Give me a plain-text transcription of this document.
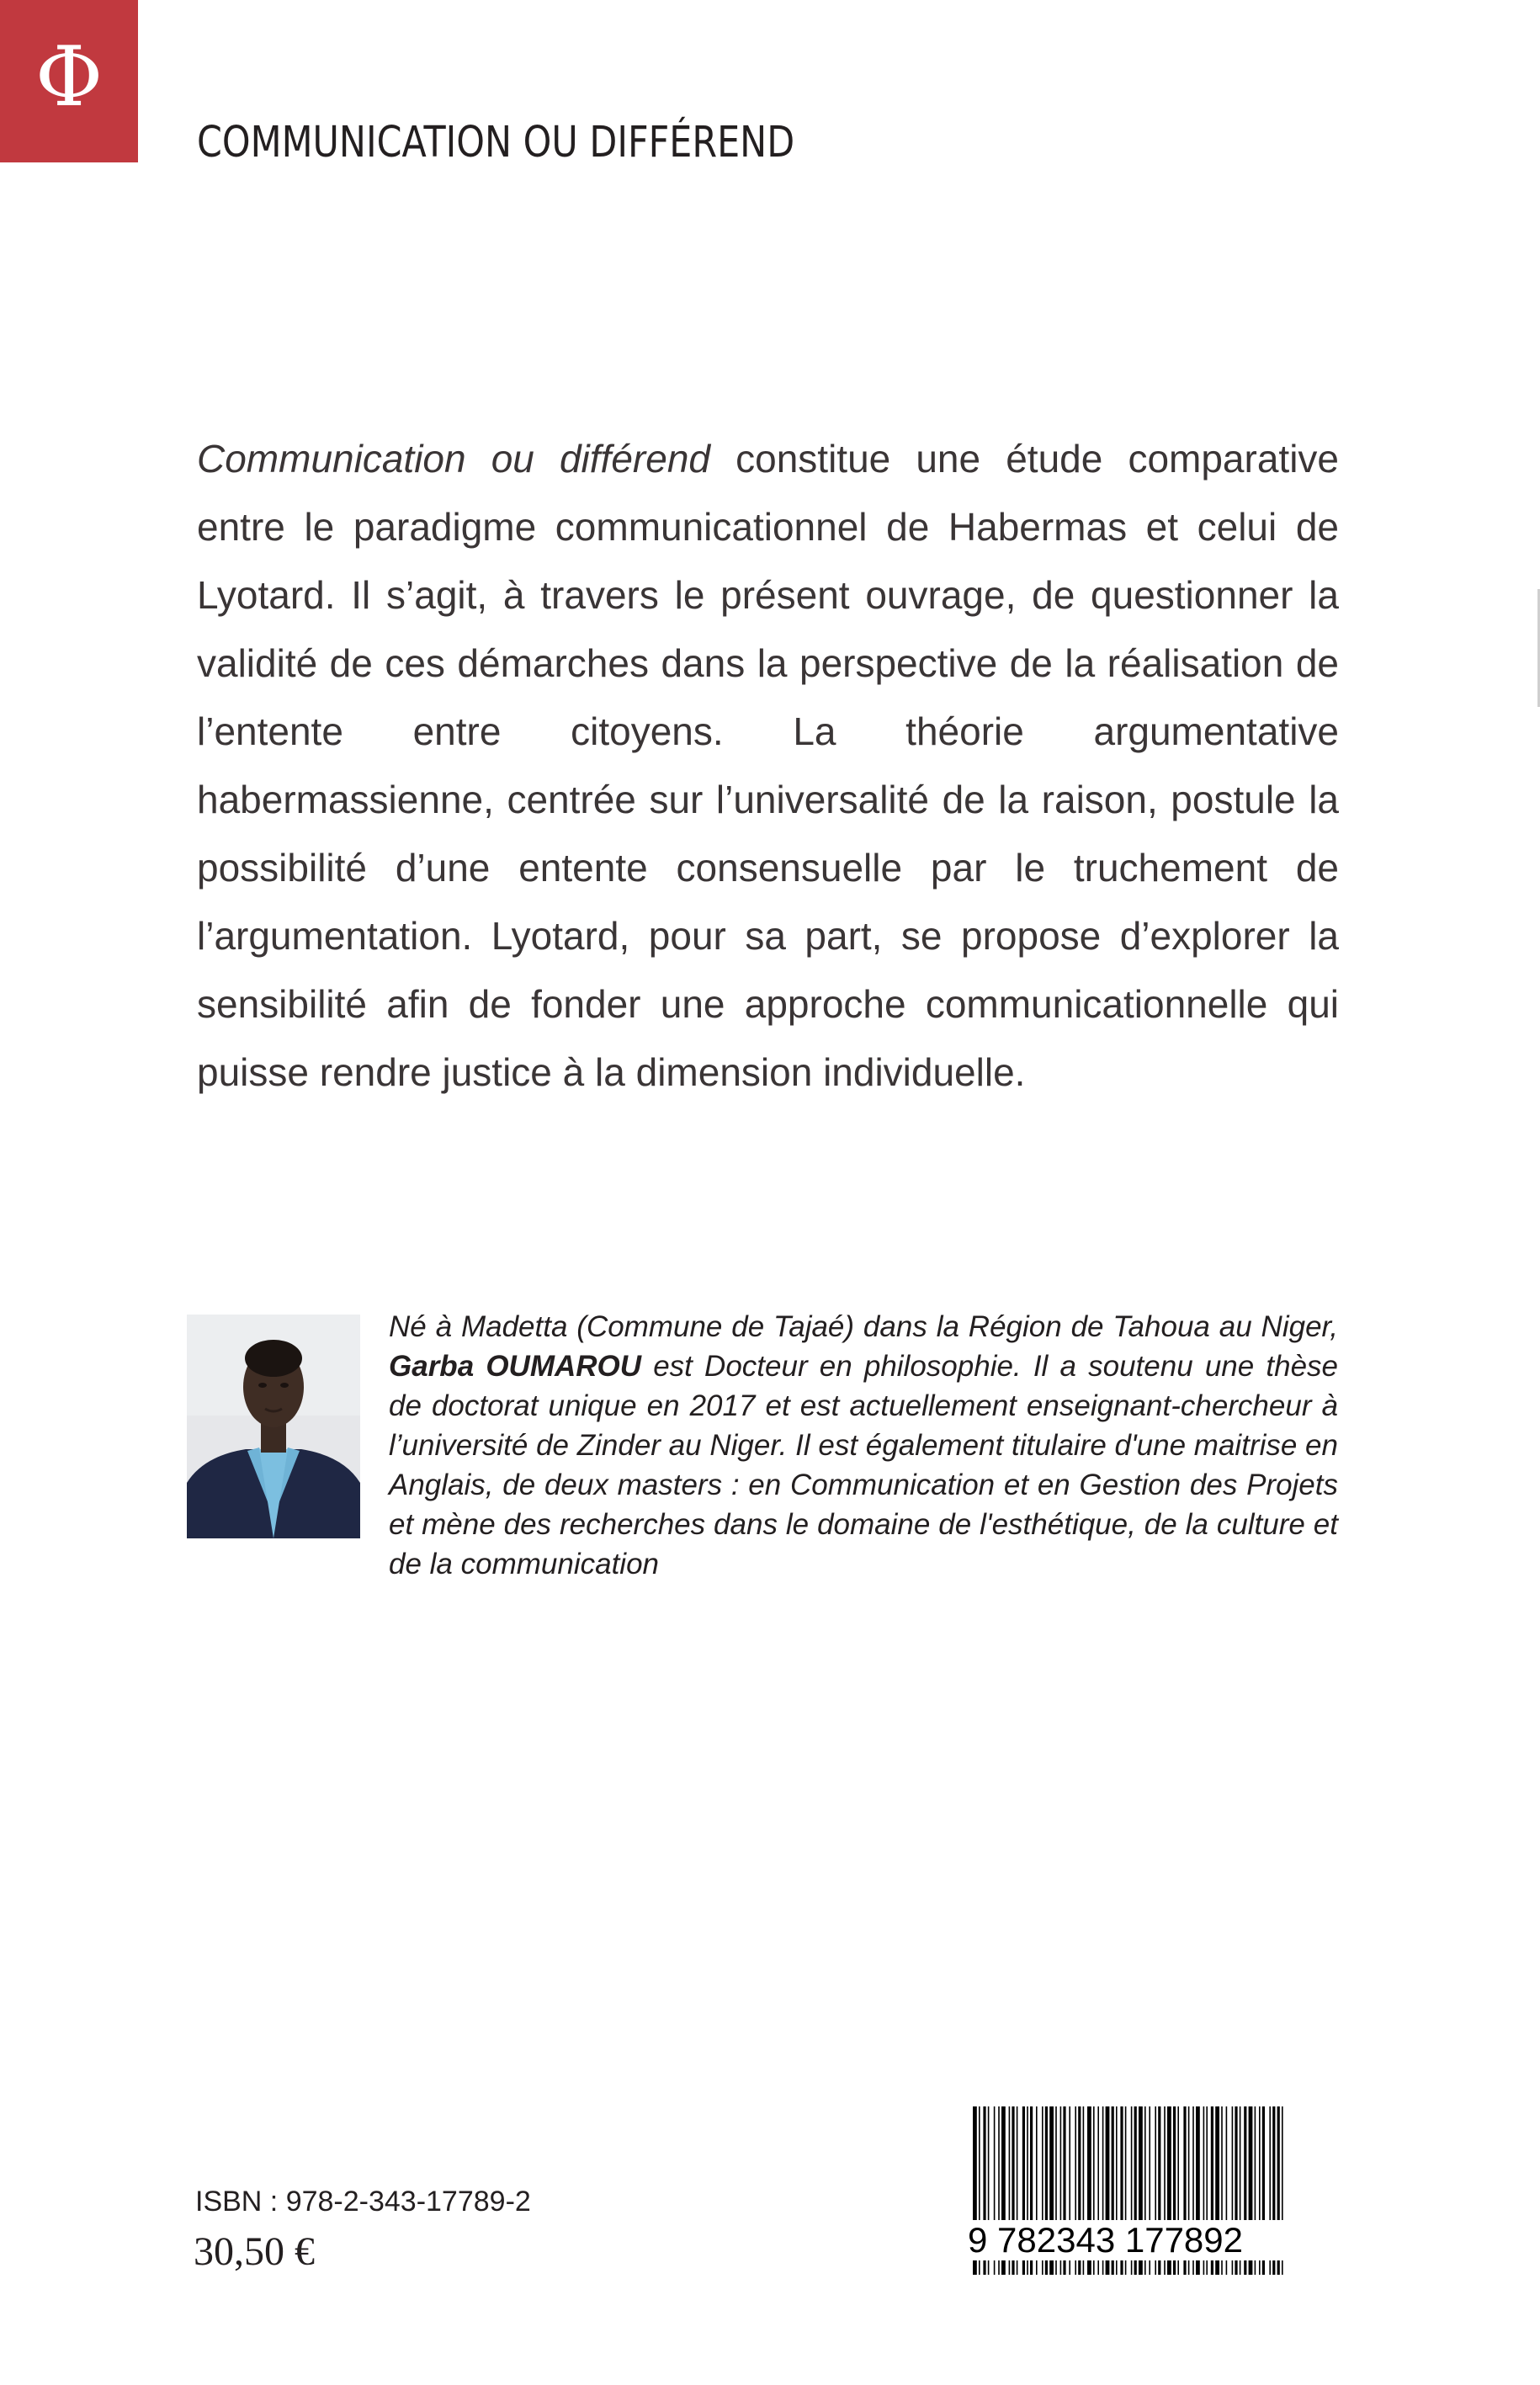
Φ
COMMUNICATION OU DIFFÉREND
Communication ou différend constitue une étude comparative entre le paradigme communicationnel de Habermas et celui de Lyotard. Il s’agit, à travers le présent ouvrage, de questionner la validité de ces démarches dans la perspective de la réalisation de l’entente entre citoyens. La théorie argumentative habermassienne, centrée sur l’universalité de la raison, postule la possibilité d’une entente consensuelle par le truchement de l’argumentation. Lyotard, pour sa part, se propose d’explorer la sensibilité afin de fonder une approche communicationnelle qui puisse rendre justice à la dimension individuelle.
Né à Madetta (Commune de Tajaé) dans la Région de Tahoua au Niger, Garba OUMAROU est Docteur en philosophie. Il a soutenu une thèse de doctorat unique en 2017 et est actuellement enseignant-chercheur à l’université de Zinder au Niger. Il est également titulaire d'une maitrise en Anglais, de deux masters : en Communication et en Gestion des Projets et mène des recherches dans le domaine de l'esthétique, de la culture et de la communication
ISBN : 978-2-343-17789-2
30,50 €	9 782343 177892
